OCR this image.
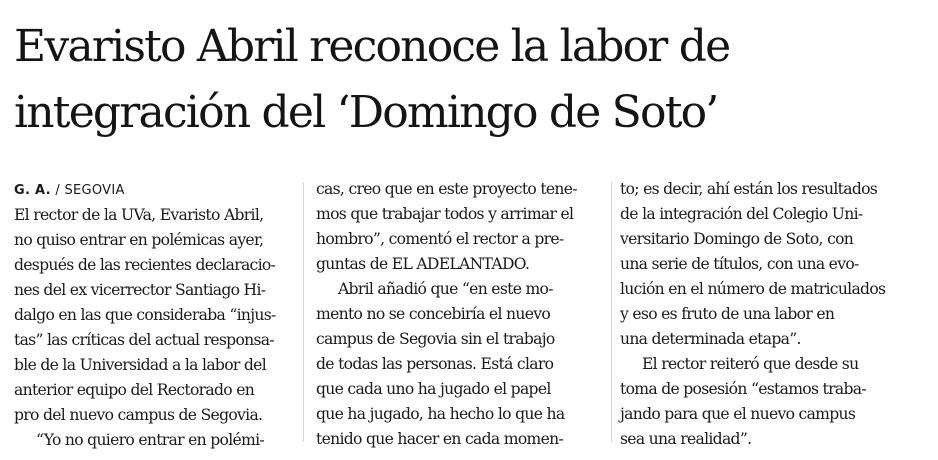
Evaristo Abril reconoce la labor de
integración del ‘Domingo de Soto’
G. A. / SEGOVIA
El rector de la UVa, Evaristo Abril,
no quiso entrar en polémicas ayer,
después de las recientes declaracio-
nes del ex vicerrector Santiago Hi-
dalgo en las que consideraba “injus-
tas” las críticas del actual responsa-
ble de la Universidad a la labor del
anterior equipo del Rectorado en
pro del nuevo campus de Segovia.
“Yo no quiero entrar en polémi-
cas, creo que en este proyecto tene-
mos que trabajar todos y arrimar el
hombro”, comentó el rector a pre-
guntas de EL ADELANTADO.
Abril añadió que “en este mo-
mento no se concebiría el nuevo
campus de Segovia sin el trabajo
de todas las personas. Está claro
que cada uno ha jugado el papel
que ha jugado, ha hecho lo que ha
tenido que hacer en cada momen-
to; es decir, ahí están los resultados
de la integración del Colegio Uni-
versitario Domingo de Soto, con
una serie de títulos, con una evo-
lución en el número de matriculados
y eso es fruto de una labor en
una determinada etapa”.
El rector reiteró que desde su
toma de posesión “estamos traba-
jando para que el nuevo campus
sea una realidad”.
